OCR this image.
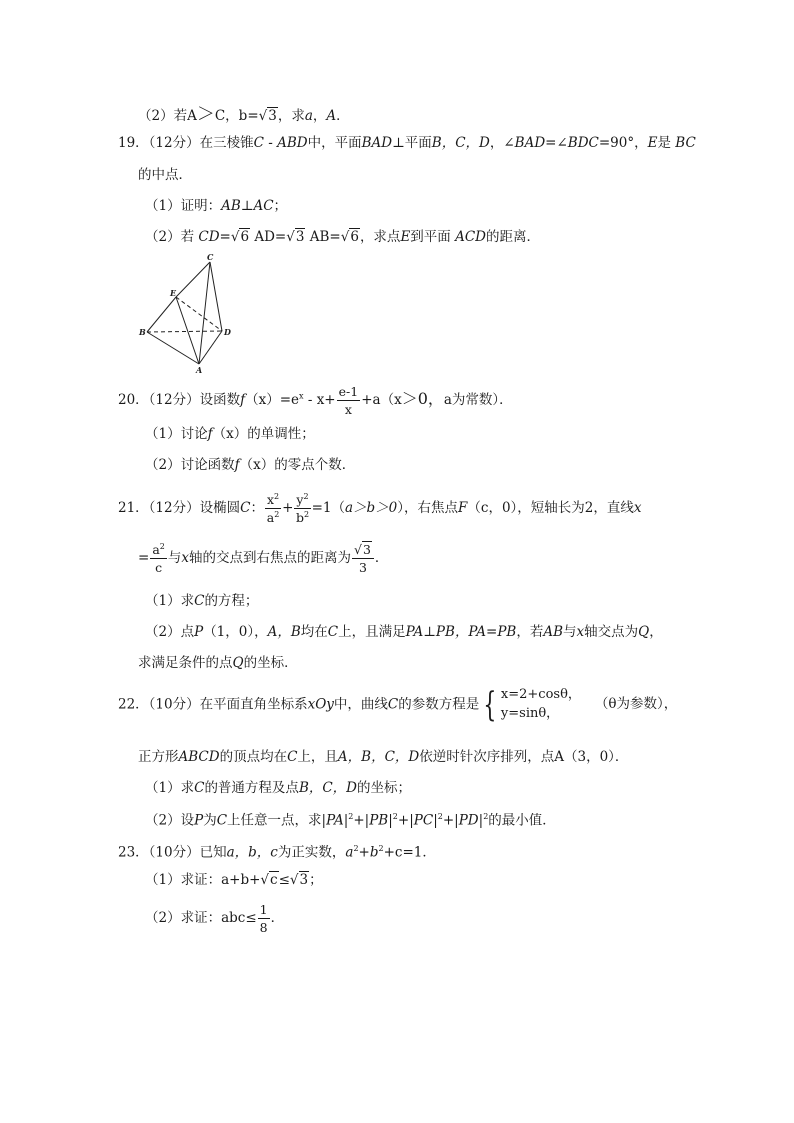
（2）若A＞C，b=√3，求a，A．
19．（12分）在三棱锥C - ABD中，平面BAD⊥平面B，C，D，∠BAD=∠BDC=90°，E是 BC
的中点．
（1）证明：AB⊥AC；
（2）若 CD=√6 AD=√3 AB=√6，求点E到平面 ACD的距离．
C
E
B	D
A
20．（12分）设函数$f(x)=e^x - x+ \frac{e-1}{x} +a(x>0$，a为常数）．
（1）讨论f（x）的单调性；
（2）讨论函数f（x）的零点个数．
21．（12分）设椭圆C： $\frac{x^2}{a^2} + \frac{y^2}{b^2} =1(a>b>0)$，右焦点F（c，0），短轴长为2，直线x
= $\frac{a^2}{c}$ 与x轴的交点到右焦点的距离为 $\frac{√3}{3}$ ．
（1）求C的方程；
（2）点P（1，0），A，B均在C上，且满足PA⊥PB，PA=PB，若AB与x轴交点为Q，
求满足条件的点Q的坐标．
22．（10分）在平面直角坐标系xOy中，曲线C的参数方程是 { x=2+cosθ，
y=sinθ，
（θ为参数），
正方形ABCD的顶点均在C上，且A，B，C，D依逆时针次序排列，点A（3，0）．
（1）求C的普通方程及点B，C，D的坐标；
（2）设P为C上任意一点，求$|PA|^2+|PB|^2+|PC|^2+|PD|^2$的最小值．
23．（10分）已知a，b，c为正实数，$a^2+b^2+c=1$．
（1）求证：a+b+√c≤√3；
（2）求证：$abc\le \frac{1}{8}$ ．
